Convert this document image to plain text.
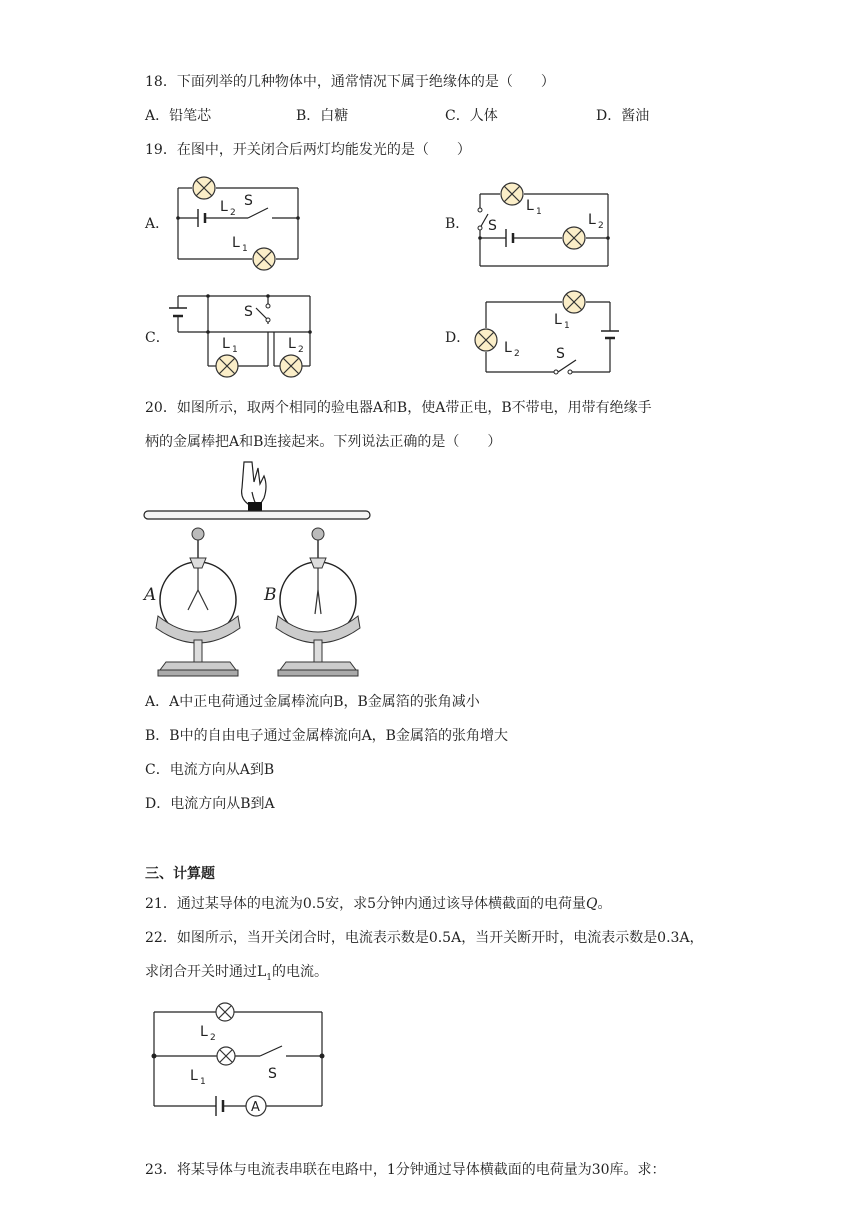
18．下面列举的几种物体中，通常情况下属于绝缘体的是（　　）
A．铅笔芯	B．白糖	C．人体	D．酱油
19．在图中，开关闭合后两灯均能发光的是（　　）
A．	B．
C．	D．
L 2
S
L 1
L 1	L 2
S
S
L 1	L 2
L 1
L 2	S
20．如图所示，取两个相同的验电器A和B，使A带正电，B不带电，用带有绝缘手
柄的金属棒把A和B连接起来。下列说法正确的是（　　）
A	B
A．A中正电荷通过金属棒流向B，B金属箔的张角减小
B．B中的自由电子通过金属棒流向A，B金属箔的张角增大
C．电流方向从A到B
D．电流方向从B到A
三、计算题
21．通过某导体的电流为0.5安，求5分钟内通过该导体横截面的电荷量Q。
22．如图所示，当开关闭合时，电流表示数是0.5A，当开关断开时，电流表示数是0.3A，
求闭合开关时通过$L_1$的电流。
A
L 2
L 1	S
23．将某导体与电流表串联在电路中，1分钟通过导体横截面的电荷量为30库。求：
